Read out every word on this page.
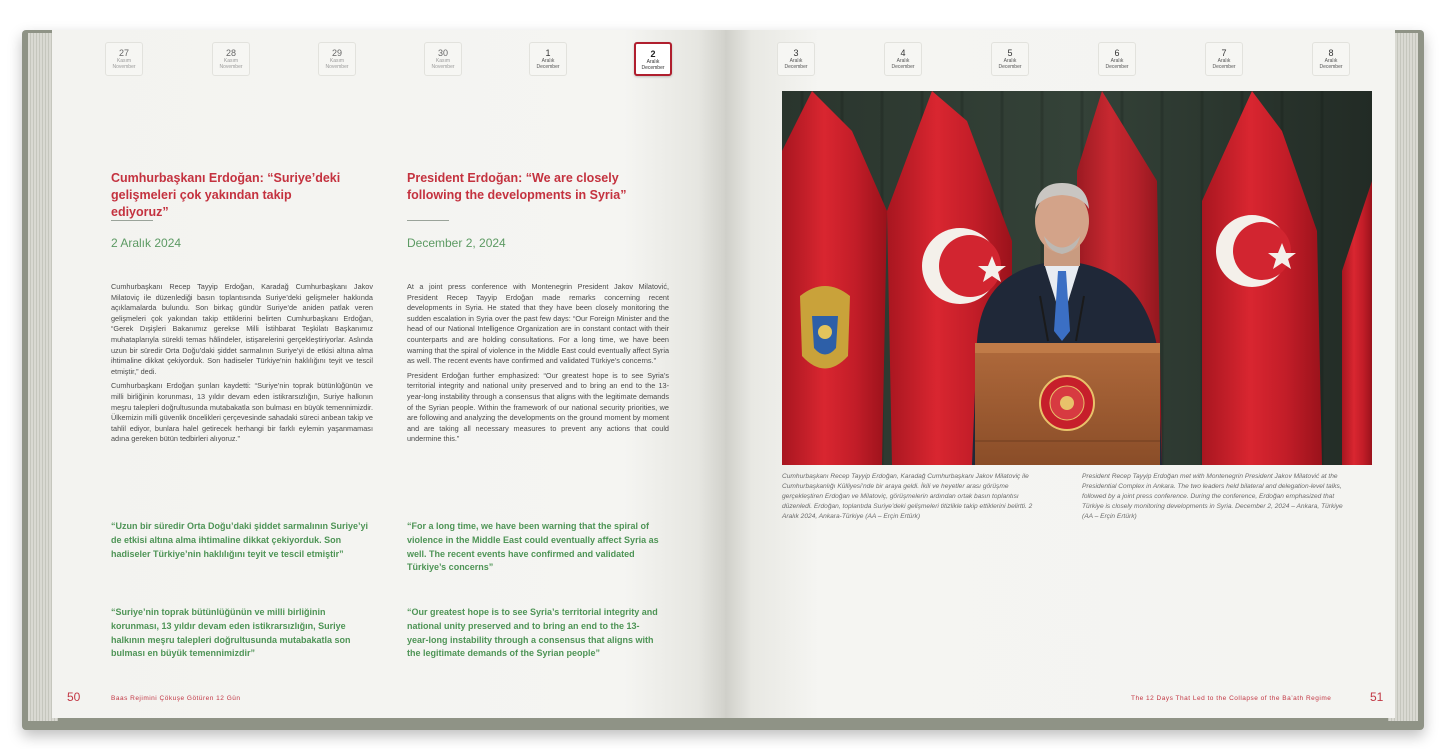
27
Kasım
November
28
Kasım
November
29
Kasım
November
30
Kasım
November
1
Aralık
December
2
Aralık
December
Cumhurbaşkanı Erdoğan: “Suriye’deki gelişmeleri çok yakından takip ediyoruz”
2 Aralık 2024

Cumhurbaşkanı Recep Tayyip Erdoğan, Karadağ Cumhurbaşkanı Jakov Milatoviç ile düzenlediği basın toplantısında Suriye’deki gelişmeler hakkında açıklamalarda bulundu. Son birkaç gündür Suriye’de aniden patlak veren gelişmeleri çok yakından takip ettiklerini belirten Cumhurbaşkanı Erdoğan, “Gerek Dışişleri Bakanımız gerekse Milli İstihbarat Teşkilatı Başkanımız muhataplarıyla sürekli temas hâlindeler, istişarelerini gerçekleştiriyorlar. Aslında uzun bir süredir Orta Doğu’daki şiddet sarmalının Suriye’yi de etkisi altına alma ihtimaline dikkat çekiyorduk. Son hadiseler Türkiye’nin haklılığını teyit ve tescil etmiştir,” dedi.

Cumhurbaşkanı Erdoğan şunları kaydetti: “Suriye’nin toprak bütünlüğünün ve milli birliğinin korunması, 13 yıldır devam eden istikrarsızlığın, Suriye halkının meşru talepleri doğrultusunda mutabakatla son bulması en büyük temennimizdir. Ülkemizin milli güvenlik öncelikleri çerçevesinde sahadaki süreci anbean takip ve tahlil ediyor, bunlara halel getirecek herhangi bir farklı eylemin yaşanmaması adına gereken bütün tedbirleri alıyoruz.”

“Uzun bir süredir Orta Doğu’daki şiddet sarmalının Suriye’yi de etkisi altına alma ihtimaline dikkat çekiyorduk. Son hadiseler Türkiye’nin haklılığını teyit ve tescil etmiştir”
“Suriye’nin toprak bütünlüğünün ve milli birliğinin korunması, 13 yıldır devam eden istikrarsızlığın, Suriye halkının meşru talepleri doğrultusunda mutabakatla son bulması en büyük temennimizdir”
President Erdoğan: “We are closely following the developments in Syria”
December 2, 2024

At a joint press conference with Montenegrin President Jakov Milatović, President Recep Tayyip Erdoğan made remarks concerning recent developments in Syria. He stated that they have been closely monitoring the sudden escalation in Syria over the past few days: “Our Foreign Minister and the head of our National Intelligence Organization are in constant contact with their counterparts and are holding consultations. For a long time, we have been warning that the spiral of violence in the Middle East could eventually affect Syria as well. The recent events have confirmed and validated Türkiye’s concerns.”

President Erdoğan further emphasized: “Our greatest hope is to see Syria’s territorial integrity and national unity preserved and to bring an end to the 13-year-long instability through a consensus that aligns with the legitimate demands of the Syrian people. Within the framework of our national security priorities, we are following and analyzing the developments on the ground moment by moment and are taking all necessary measures to prevent any actions that could undermine this.”

“For a long time, we have been warning that the spiral of violence in the Middle East could eventually affect Syria as well. The recent events have confirmed and validated Türkiye’s concerns”
“Our greatest hope is to see Syria’s territorial integrity and national unity preserved and to bring an end to the 13-year-long instability through a consensus that aligns with the legitimate demands of the Syrian people”
50	Baas Rejimini Çökuşe Götüren 12 Gün
3
Aralık
December
4
Aralık
December
5
Aralık
December
6
Aralık
December
7
Aralık
December
8
Aralık
December
Cumhurbaşkanı Recep Tayyip Erdoğan, Karadağ Cumhurbaşkanı Jakov Milatoviç ile Cumhurbaşkanlığı Külliyesi’nde bir araya geldi. İkili ve heyetler arası görüşme gerçekleştiren Erdoğan ve Milatoviç, görüşmelerin ardından ortak basın toplantısı düzenledi. Erdoğan, toplantıda Suriye’deki gelişmeleri titizlikle takip ettiklerini belirtti. 2 Aralık 2024, Ankara-Türkiye (AA – Erçin Ertürk)
President Recep Tayyip Erdoğan met with Montenegrin President Jakov Milatović at the Presidential Complex in Ankara. The two leaders held bilateral and delegation-level talks, followed by a joint press conference. During the conference, Erdoğan emphasized that Türkiye is closely monitoring developments in Syria. December 2, 2024 – Ankara, Türkiye (AA – Erçin Ertürk)
The 12 Days That Led to the Collapse of the Ba’ath Regime	51
